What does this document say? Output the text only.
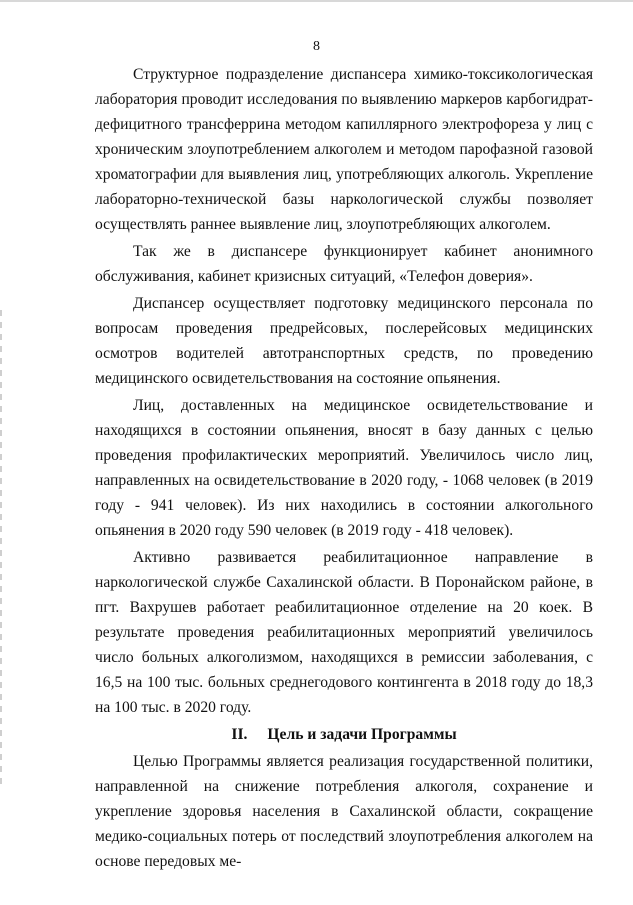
8

Структурное подразделение диспансера химико-токсикологическая лаборатория проводит исследования по выявлению маркеров карбогидрат-дефицитного трансферрина методом капиллярного электрофореза у лиц с хроническим злоупотреблением алкоголем и методом парофазной газовой хроматографии для выявления лиц, употребляющих алкоголь. Укрепление лабораторно-технической базы наркологической службы позволяет осуществлять раннее выявление лиц, злоупотребляющих алкоголем.

Так же в диспансере функционирует кабинет анонимного обслуживания, кабинет кризисных ситуаций, «Телефон доверия».

Диспансер осуществляет подготовку медицинского персонала по вопросам проведения предрейсовых, послерейсовых медицинских осмотров водителей автотранспортных средств, по проведению медицинского освидетельствования на состояние опьянения.

Лиц, доставленных на медицинское освидетельствование и находящихся в состоянии опьянения, вносят в базу данных с целью проведения профилактических мероприятий. Увеличилось число лиц, направленных на освидетельствование в 2020 году, - 1068 человек (в 2019 году - 941 человек). Из них находились в состоянии алкогольного опьянения в 2020 году 590 человек (в 2019 году - 418 человек).

Активно развивается реабилитационное направление в наркологической службе Сахалинской области. В Поронайском районе, в пгт. Вахрушев работает реабилитационное отделение на 20 коек. В результате проведения реабилитационных мероприятий увеличилось число больных алкоголизмом, находящихся в ремиссии заболевания, с 16,5 на 100 тыс. больных среднегодового контингента в 2018 году до 18,3 на 100 тыс. в 2020 году.

II. Цель и задачи Программы

Целью Программы является реализация государственной политики, направленной на снижение потребления алкоголя, сохранение и укрепление здоровья населения в Сахалинской области, сокращение медико-социальных потерь от последствий злоупотребления алкоголем на основе передовых ме-
